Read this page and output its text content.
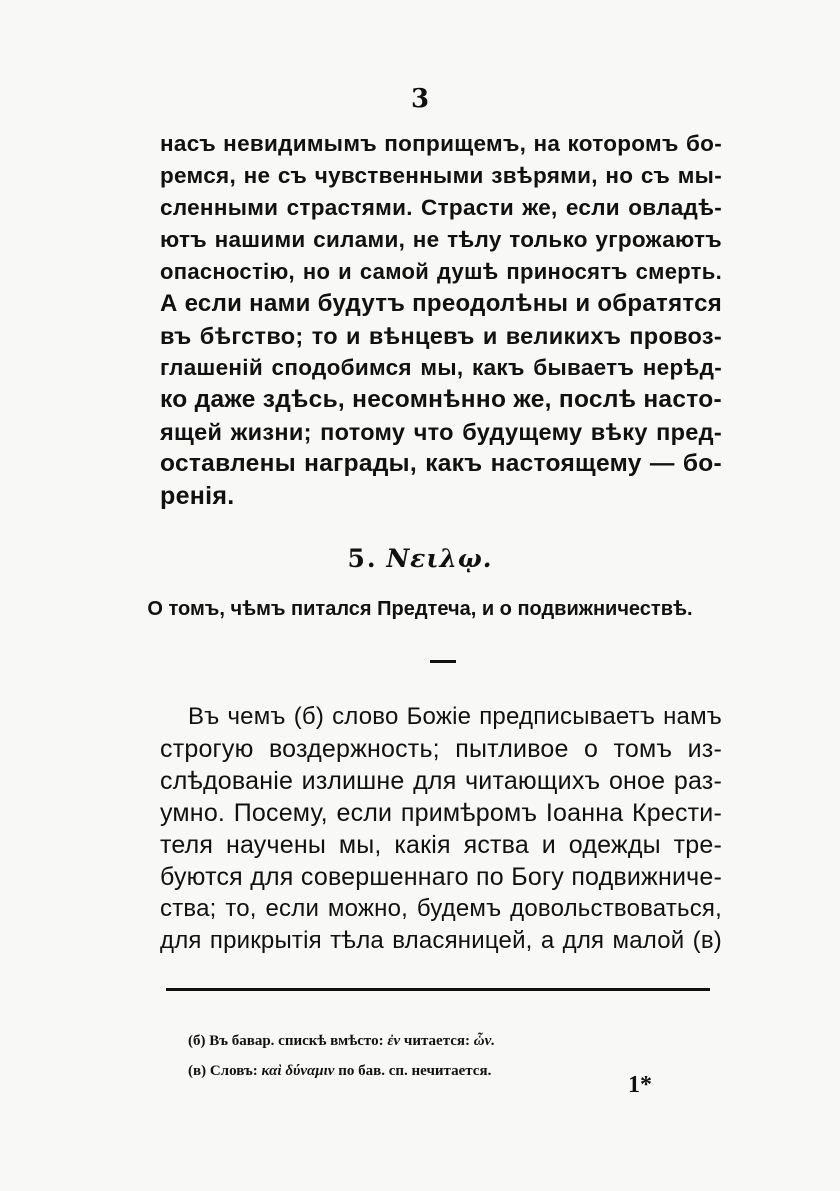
3
насъ невидимымъ поприщемъ, на которомъ бо-
ремся, не съ чувственными звѣрями, но съ мы-
сленными страстями. Страсти же, если овладѣ-
ютъ нашими силами, не тѣлу только угрожаютъ
опасностію, но и самой душѣ приносятъ смерть.
А если нами будутъ преодолѣны и обратятся
въ бѣгство; то и вѣнцевъ и великихъ провоз-
глашеній сподобимся мы, какъ бываетъ нерѣд-
ко даже здѣсь, несомнѣнно же, послѣ насто-
ящей жизни; потому что будущему вѣку пред-
оставлены награды, какъ настоящему — бо-
ренія.
5. Νειλῳ.
О томъ, чѣмъ питался Предтеча, и о подвижничествѣ.
Въ чемъ (б) слово Божіе предписываетъ намъ
строгую воздержность; пытливое о томъ из-
слѣдованіе излишне для читающихъ оное раз-
умно. Посему, если примѣромъ Іоанна Крести-
теля научены мы, какія яства и одежды тре-
буются для совершеннаго по Богу подвижниче-
ства; то, если можно, будемъ довольствоваться,
для прикрытія тѣла власяницей, а для малой (в)
(б) Въ бавар. спискѣ вмѣсто: ἐν читается: ὧν.
(в) Словъ: καὶ δύναμιν по бав. сп. нечитается.
1*
